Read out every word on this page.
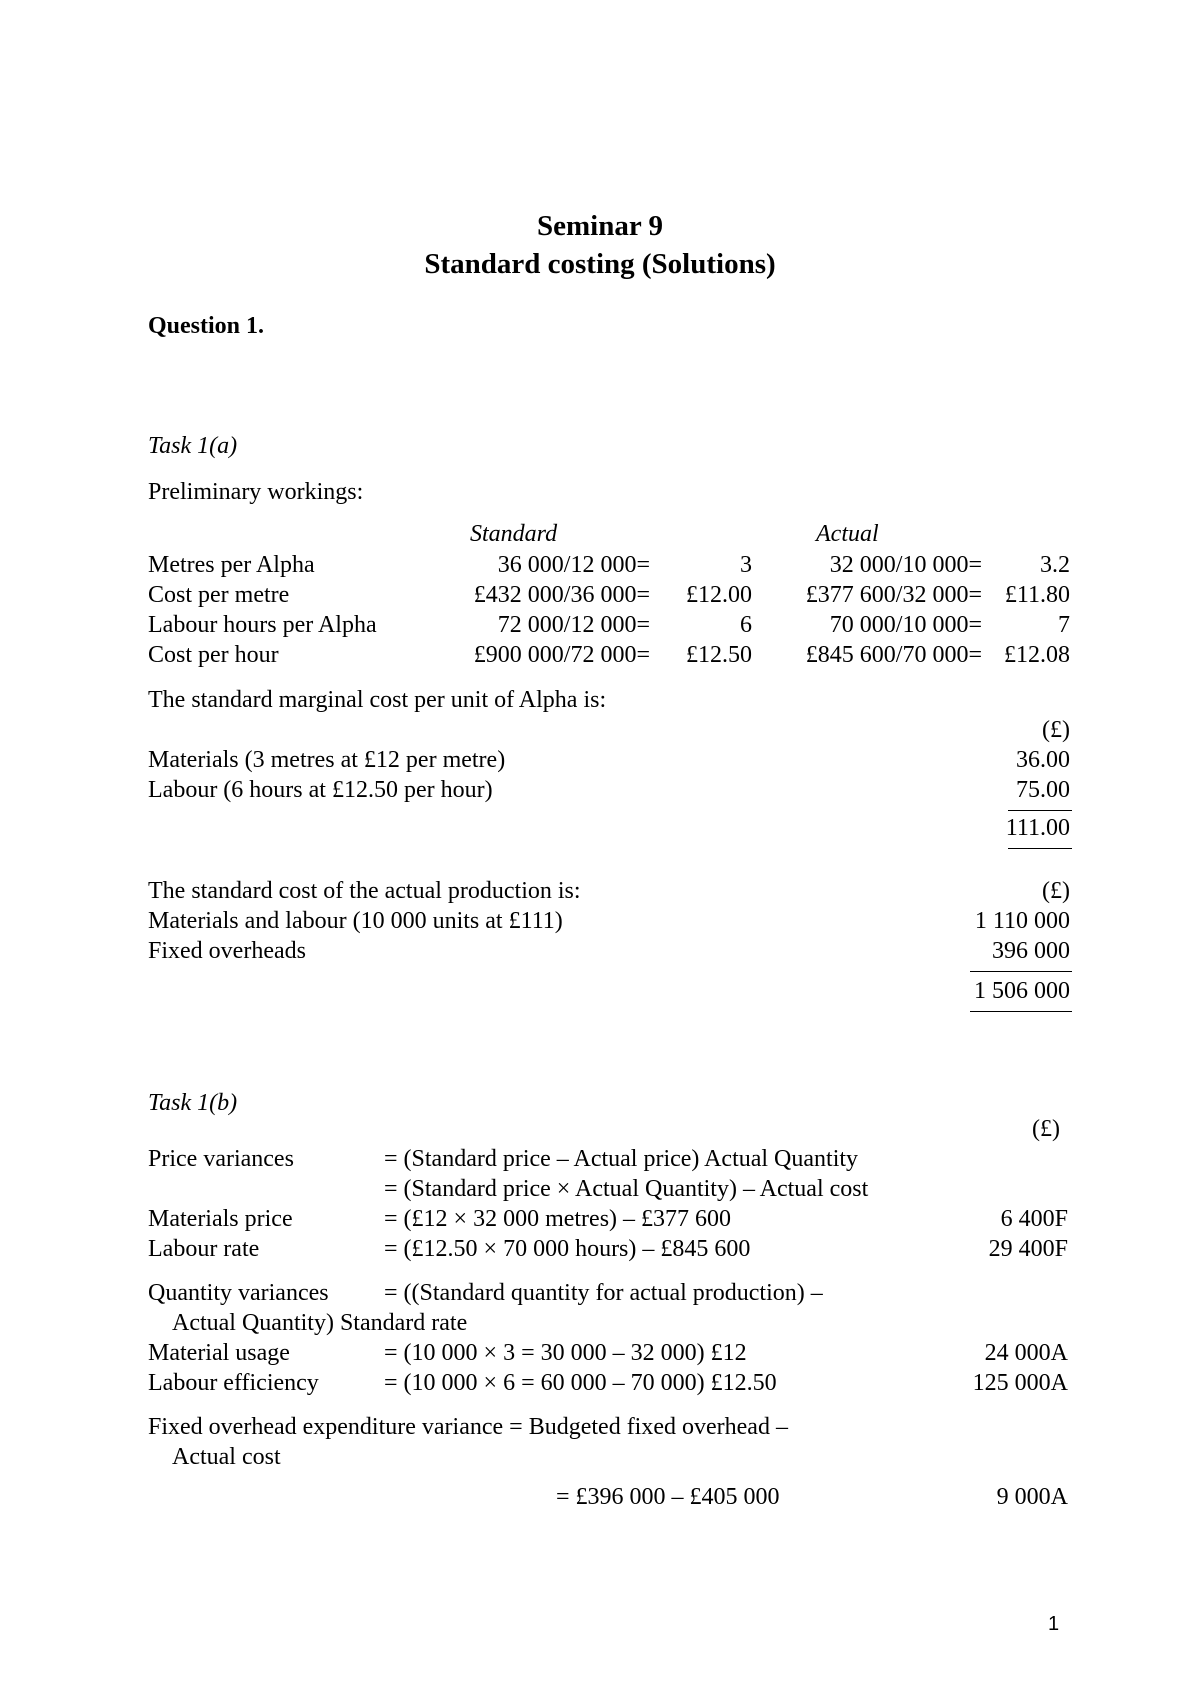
Seminar 9
Standard costing (Solutions)
Question 1.
Task 1(a)
Preliminary workings:
Standard	Actual
Metres per Alpha	36 000/12 000=	3	32 000/10 000=	3.2
Cost per metre	£432 000/36 000=	£12.00	£377 600/32 000= £11.80
Labour hours per Alpha	72 000/12 000=	6	70 000/10 000=	7
Cost per hour	£900 000/72 000=	£12.50	£845 600/70 000= £12.08
The standard marginal cost per unit of Alpha is:
(£)
Materials (3 metres at £12 per metre)	36.00
Labour (6 hours at £12.50 per hour)	75.00
111.00
The standard cost of the actual production is:	(£)
Materials and labour (10 000 units at £111)	1 110 000
Fixed overheads	396 000
1 506 000
Task 1(b)
(£)
Price variances	= (Standard price – Actual price) Actual Quantity
= (Standard price × Actual Quantity) – Actual cost
Materials price	= (£12 × 32 000 metres) – £377 600	6 400F
Labour rate	= (£12.50 × 70 000 hours) – £845 600	29 400F
Quantity variances = ((Standard quantity for actual production) –
Actual Quantity) Standard rate
Material usage	= (10 000 × 3 = 30 000 – 32 000) £12	24 000A
Labour efficiency	= (10 000 × 6 = 60 000 – 70 000) £12.50	125 000A
Fixed overhead expenditure variance = Budgeted fixed overhead –
Actual cost
= £396 000 – £405 000	9 000A
1
